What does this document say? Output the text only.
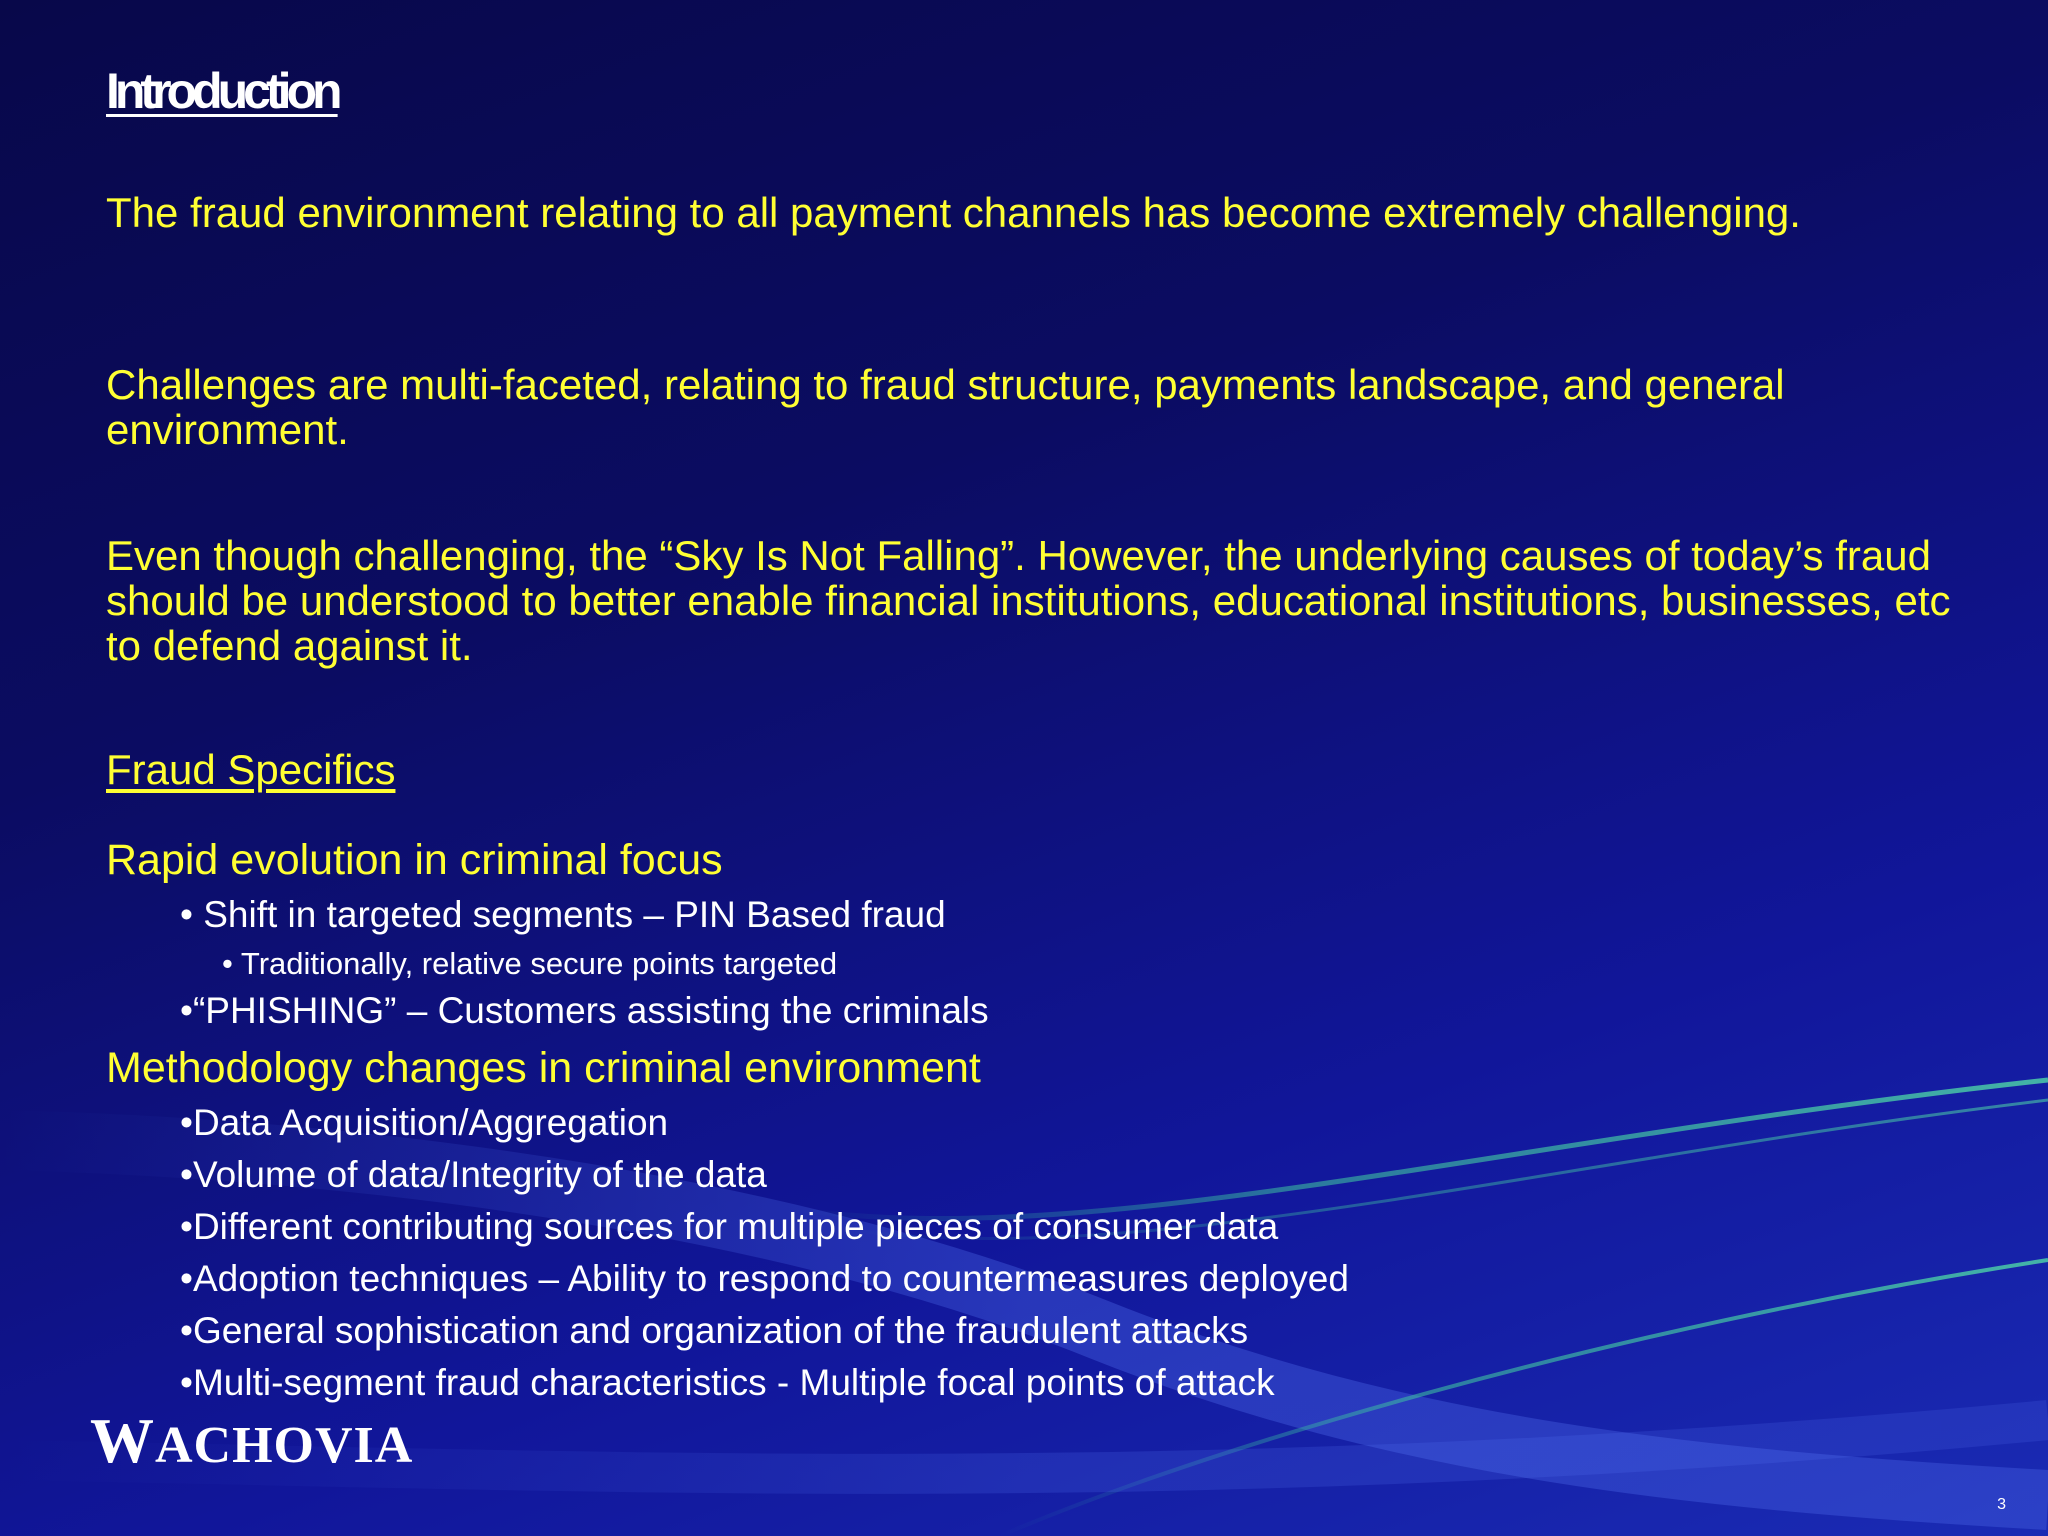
Introduction

The fraud environment relating to all payment channels has become extremely challenging.

Challenges are multi-faceted, relating to fraud structure, payments landscape, and general environment.

Even though challenging, the “Sky Is Not Falling”. However, the underlying causes of today’s fraud should be understood to better enable financial institutions, educational institutions, businesses, etc to defend against it.

Fraud Specifics

Rapid evolution in criminal focus

• Shift in targeted segments – PIN Based fraud

• Traditionally, relative secure points targeted

•“PHISHING” – Customers assisting the criminals

Methodology changes in criminal environment

•Data Acquisition/Aggregation

•Volume of data/Integrity of the data

•Different contributing sources for multiple pieces of consumer data

•Adoption techniques – Ability to respond to countermeasures deployed

•General sophistication and organization of the fraudulent attacks

•Multi-segment fraud characteristics - Multiple focal points of attack

WACHOVIA
3
